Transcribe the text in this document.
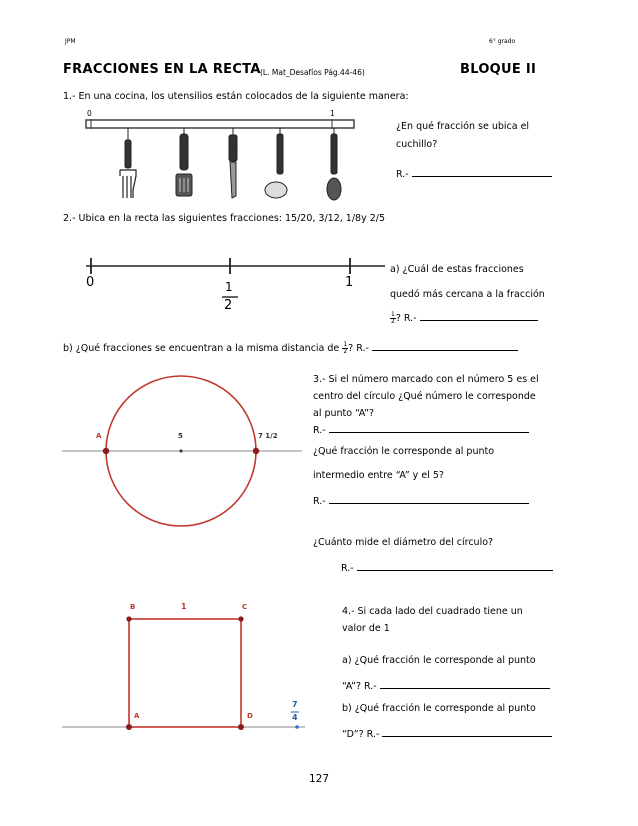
JPM	6° grado
FRACCIONES EN LA RECTA (L. Mat_Desafíos Pág.44-46)	BLOQUE II
1.- En una cocina, los utensilios están colocados de la siguiente manera:
0	1
¿En qué fracción se ubica el
cuchillo?
R.-
2.- Ubica en la recta las siguientes fracciones: 15/20, 3/12, 1/8y 2/5
0	1
2
1
a) ¿Cuál de estas fracciones
quedó más cercana a la fracción
$\frac{1}{2}$ ? R.-
b) ¿Qué fracciones se encuentran a la misma distancia de $\frac{1}{2}$ ? R.-
A	5	7 1/2
3.- Si el número marcado con el número 5 es el
centro del círculo ¿Qué número le corresponde
al punto “A”?
R.-
¿Qué fracción le corresponde al punto
intermedio entre “A” y el 5?
R.-
¿Cuánto mide el diámetro del círculo?
R.-
B	1	C
A	D
7
4
4.- Si cada lado del cuadrado tiene un
valor de 1
a) ¿Qué fracción le corresponde al punto
“A”? R.-
b) ¿Qué fracción le corresponde al punto
“D”? R.-
127
